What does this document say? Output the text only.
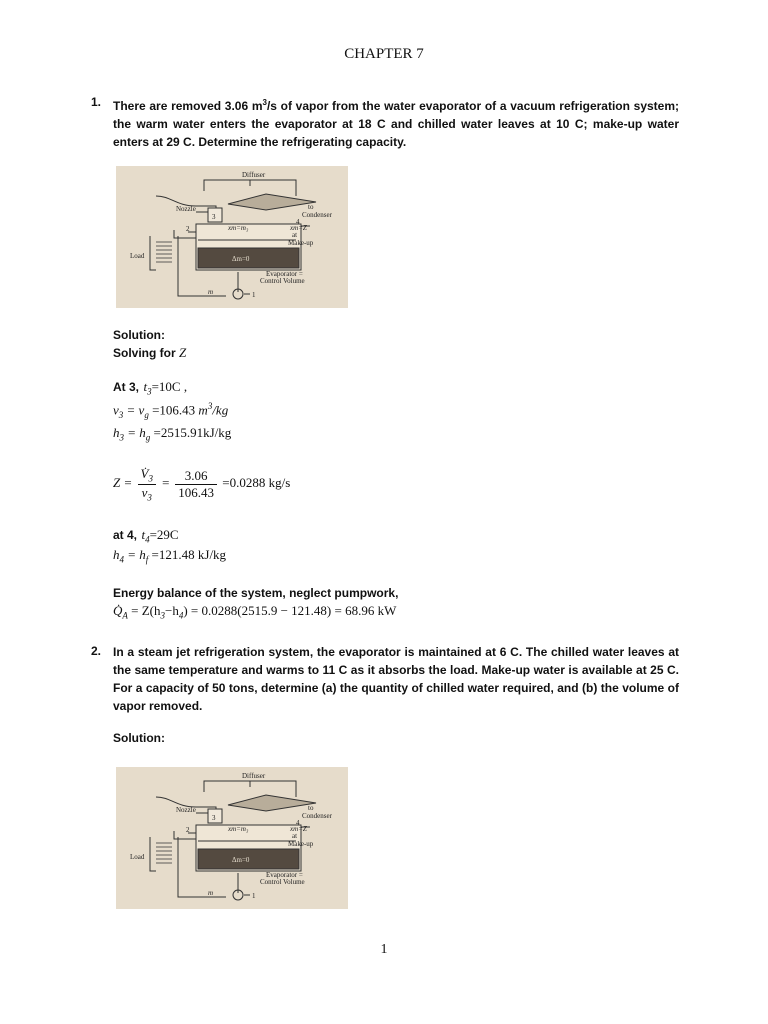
CHAPTER 7
1. There are removed 3.06 $m^3/s$ of vapor from the water evaporator of a vacuum refrigeration system; the warm water enters the evaporator at 18 C and chilled water leaves at 10 C; make-up water enters at 29 C. Determine the refrigerating capacity.

Diffuser
Nozzle	to
Condenser
xm=m₃	xm=Z
at
Make-up
Load	Δm=0
Evaporator =
Control Volume
m	1
2
3
4
Solution:
Solving for Z
At 3, $t_3=10C$ ,
$v_3 = v_g =106.43$ $m^3/kg$
$h_3 = h_g =2515.91kJ/kg$
$Z = \frac{V̇_3}{v_3} = \frac{3.06}{106.43} =0.0288$ kg/s
at 4, $t_4=29C$
$h_4 = h_f =121.48$ kJ/kg
Energy balance of the system, neglect pumpwork,
$Q̇_A = Z(h_3-h_4) = 0.0288(2515.9 - 121.48) = 68.96$ kW
2. In a steam jet refrigeration system, the evaporator is maintained at 6 C. The chilled water leaves at the same temperature and warms to 11 C as it absorbs the load. Make-up water is available at 25 C. For a capacity of 50 tons, determine (a) the quantity of chilled water required, and (b) the volume of vapor removed.

Solution:
Diffuser
Nozzle	to
Condenser
xm=m₃	xm=Z
at
Make-up
Load	Δm=0
Evaporator =
Control Volume
m	1
2
3
4
1
